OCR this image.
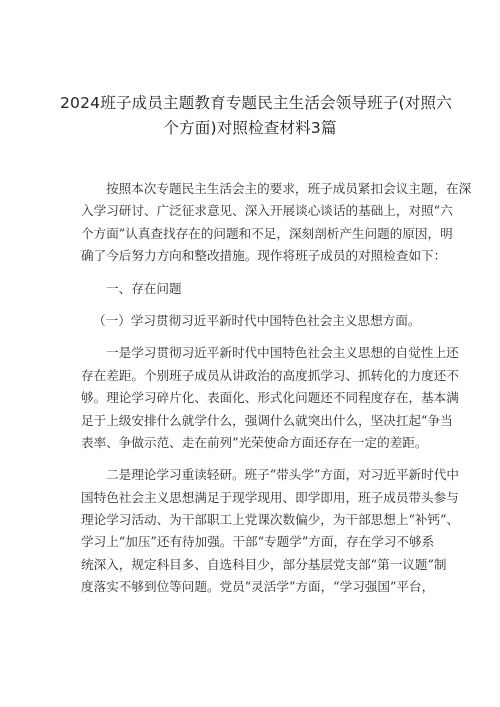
2024班子成员主题教育专题民主生活会领导班子(对照六
个方面)对照检查材料3篇
按照本次专题民主生活会主的要求，班子成员紧扣会议主题，在深
入学习研讨、广泛征求意见、深入开展谈心谈话的基础上，对照“六
个方面”认真查找存在的问题和不足，深刻剖析产生问题的原因，明
确了今后努力方向和整改措施。现作将班子成员的对照检查如下：
一、存在问题
（一）学习贯彻习近平新时代中国特色社会主义思想方面。
一是学习贯彻习近平新时代中国特色社会主义思想的自觉性上还
存在差距。个别班子成员从讲政治的高度抓学习、抓转化的力度还不
够。理论学习碎片化、表面化、形式化问题还不同程度存在，基本满
足于上级安排什么就学什么，强调什么就突出什么，坚决扛起“争当
表率、争做示范、走在前列”光荣使命方面还存在一定的差距。
二是理论学习重读轻研。班子“带头学”方面，对习近平新时代中
国特色社会主义思想满足于现学现用、即学即用，班子成员带头参与
理论学习活动、为干部职工上党课次数偏少，为干部思想上“补钙”、
学习上“加压”还有待加强。干部“专题学”方面，存在学习不够系
统深入，规定科目多、自选科目少，部分基层党支部“第一议题”制
度落实不够到位等问题。党员“灵活学”方面，“学习强国”平台，
